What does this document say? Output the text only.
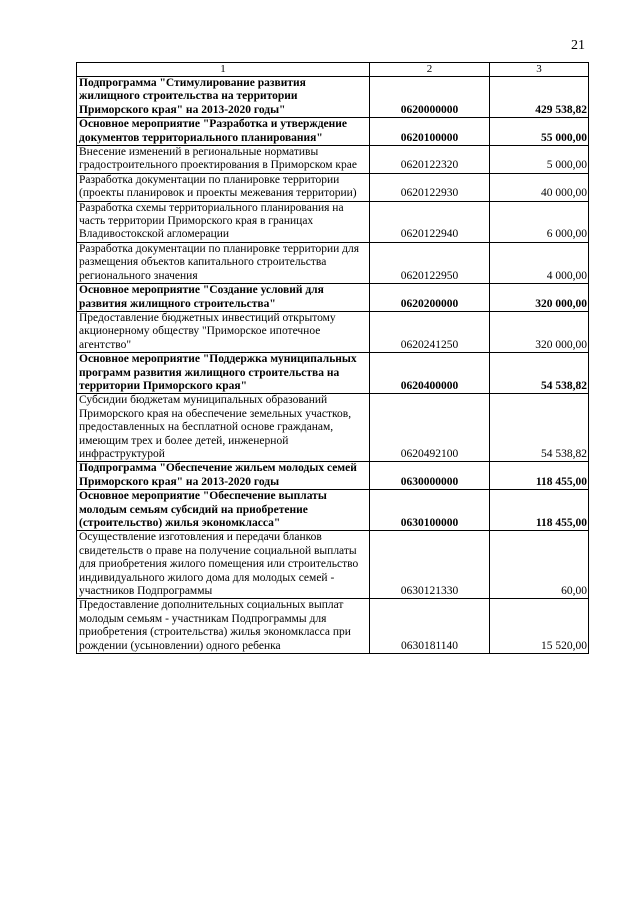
21
1	2	3
Подпрограмма "Стимулирование развития жилищного строительства на территории Приморского края" на 2013-2020 годы"	0620000000	429 538,82
Основное мероприятие "Разработка и утверждение документов территориального планирования"	0620100000	55 000,00
Внесение изменений в региональные нормативы градостроительного проектирования в Приморском крае	0620122320	5 000,00
Разработка документации по планировке территории (проекты планировок и проекты межевания территории)	0620122930	40 000,00
Разработка схемы территориального планирования на часть территории Приморского края в границах Владивостокской агломерации	0620122940	6 000,00
Разработка документации по планировке территории для размещения объектов капитального строительства регионального значения	0620122950	4 000,00
Основное мероприятие "Создание условий для развития жилищного строительства"	0620200000	320 000,00
Предоставление бюджетных инвестиций открытому акционерному обществу "Приморское ипотечное агентство"	0620241250	320 000,00
Основное мероприятие "Поддержка муниципальных программ развития жилищного строительства на территории Приморского края"	0620400000	54 538,82
Субсидии бюджетам муниципальных образований Приморского края на обеспечение земельных участков, предоставленных на бесплатной основе гражданам, имеющим трех и более детей, инженерной инфраструктурой	0620492100	54 538,82
Подпрограмма "Обеспечение жильем молодых семей Приморского края" на 2013-2020 годы	0630000000	118 455,00
Основное мероприятие "Обеспечение выплаты молодым семьям субсидий на приобретение (строительство) жилья экономкласса"	0630100000	118 455,00
Осуществление изготовления и передачи бланков свидетельств о праве на получение социальной выплаты для приобретения жилого помещения или строительство индивидуального жилого дома для молодых семей - участников Подпрограммы	0630121330	60,00
Предоставление дополнительных социальных выплат молодым семьям - участникам Подпрограммы для приобретения (строительства) жилья экономкласса при рождении (усыновлении) одного ребенка	0630181140	15 520,00
